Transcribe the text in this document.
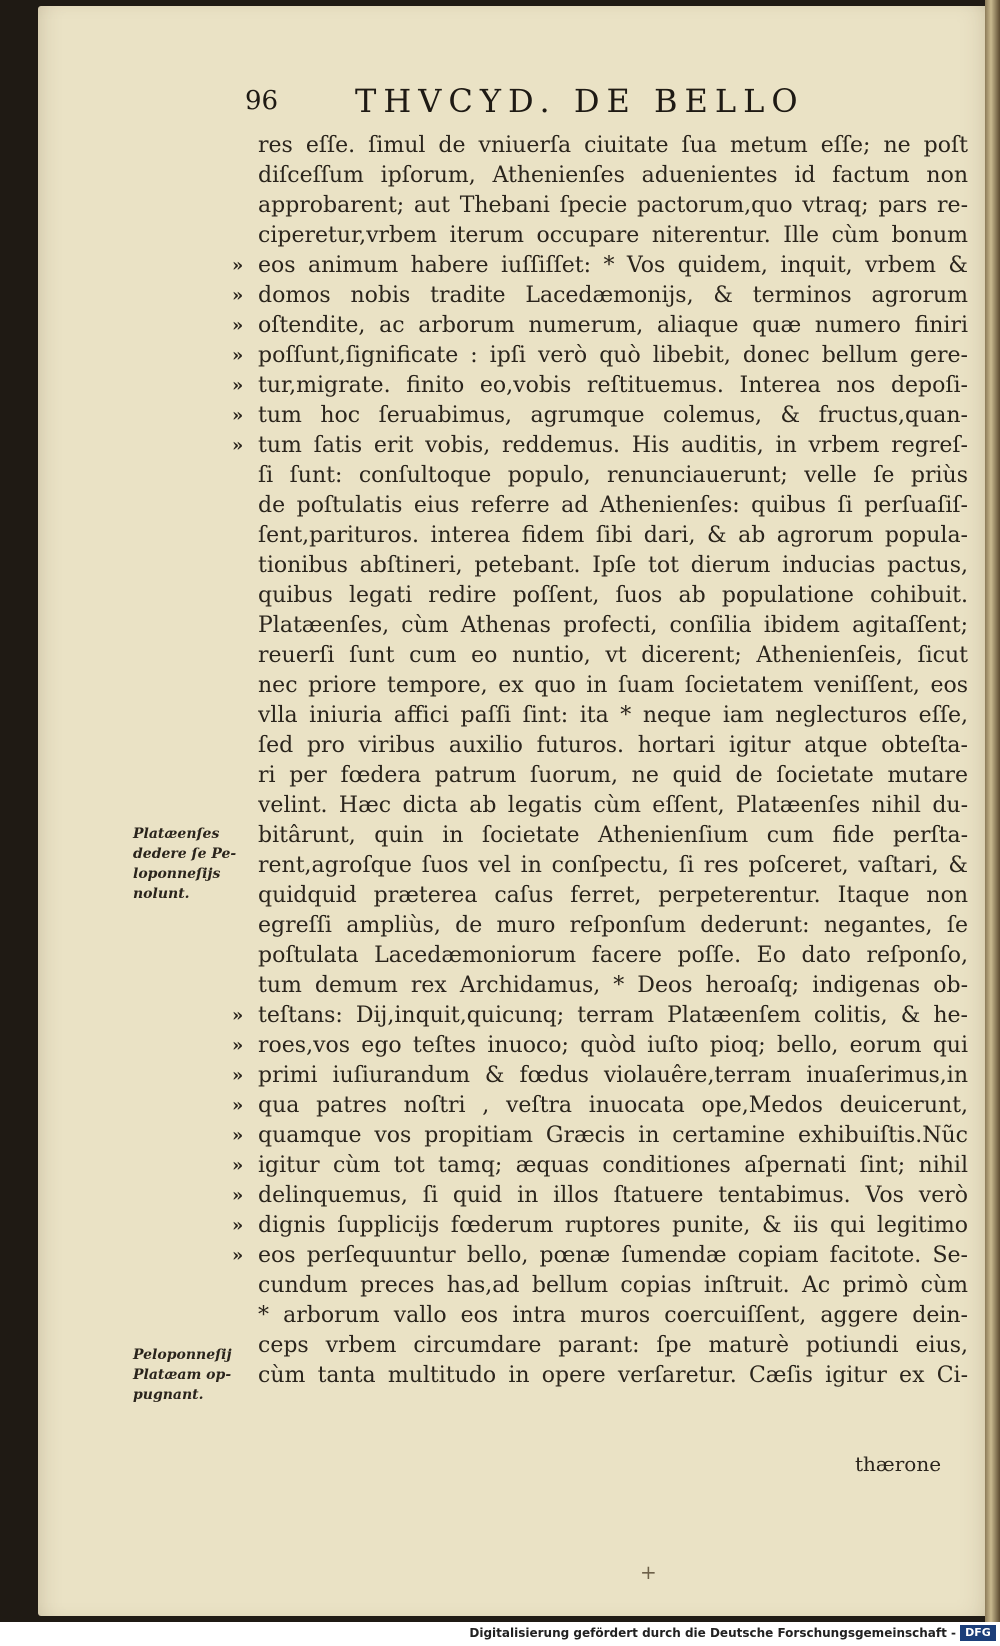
96 THVCYD. DE BELLO
res eſſe. ſimul de vniuerſa ciuitate ſua metum eſſe; ne poſt
diſceſſum ipſorum, Athenienſes aduenientes id factum non
approbarent; aut Thebani ſpecie pactorum,quo vtraq; pars re-
ciperetur,vrbem iterum occupare niterentur. Ille cùm bonum
eos animum habere iuſſiſſet: * Vos quidem, inquit, vrbem &
domos nobis tradite Lacedæmonijs, & terminos agrorum
oſtendite, ac arborum numerum, aliaque quæ numero finiri
poſſunt,ſignificate : ipſi verò quò libebit, donec bellum gere-
tur,migrate. finito eo,vobis reſtituemus. Interea nos depoſi-
tum hoc ſeruabimus, agrumque colemus, & fructus,quan-
tum ſatis erit vobis, reddemus. His auditis, in vrbem regreſ-
ſi ſunt: conſultoque populo, renunciauerunt; velle ſe priùs
de poſtulatis eius referre ad Athenienſes: quibus ſi perſuaſiſ-
ſent,parituros. interea fidem ſibi dari, & ab agrorum popula-
tionibus abſtineri, petebant. Ipſe tot dierum inducias pactus,
quibus legati redire poſſent, ſuos ab populatione cohibuit.
Platæenſes, cùm Athenas profecti, conſilia ibidem agitaſſent;
reuerſi ſunt cum eo nuntio, vt dicerent; Athenienſeis, ſicut
nec priore tempore, ex quo in ſuam ſocietatem veniſſent, eos
vlla iniuria affici paſſi ſint: ita * neque iam neglecturos eſſe,
ſed pro viribus auxilio futuros. hortari igitur atque obteſta-
ri per fœdera patrum ſuorum, ne quid de ſocietate mutare
velint. Hæc dicta ab legatis cùm eſſent, Platæenſes nihil du-
bitârunt, quin in ſocietate Athenienſium cum fide perſta-
rent,agroſque ſuos vel in conſpectu, ſi res poſceret, vaſtari, &
quidquid præterea caſus ferret, perpeterentur. Itaque non
egreſſi ampliùs, de muro reſponſum dederunt: negantes, ſe
poſtulata Lacedæmoniorum facere poſſe. Eo dato reſponſo,
tum demum rex Archidamus, * Deos heroaſq; indigenas ob-
teſtans: Dij,inquit,quicunq; terram Platæenſem colitis, & he-
roes,vos ego teſtes inuoco; quòd iuſto pioq; bello, eorum qui
primi iuſiurandum & fœdus violauêre,terram inuaſerimus,in
qua patres noſtri , veſtra inuocata ope,Medos deuicerunt,
quamque vos propitiam Græcis in certamine exhibuiſtis.Nũc
igitur cùm tot tamq; æquas conditiones aſpernati ſint; nihil
delinquemus, ſi quid in illos ſtatuere tentabimus. Vos verò
dignis ſupplicijs fœderum ruptores punite, & iis qui legitimo
eos perſequuntur bello, pœnæ ſumendæ copiam facitote. Se-
cundum preces has,ad bellum copias inſtruit. Ac primò cùm
* arborum vallo eos intra muros coercuiſſent, aggere dein-
ceps vrbem circumdare parant: ſpe maturè potiundi eius,
cùm tanta multitudo in opere verſaretur. Cæſis igitur ex Ci-
»
»
»
»
»
»
»
»
»
»
»
»
»
»
»
»
Platæenſes
dedere ſe Pe-
loponneſijs
nolunt.
Peloponneſij
Platæam op-
pugnant.
thærone
+
Digitalisierung gefördert durch die Deutsche Forschungsgemeinschaft - DFG
